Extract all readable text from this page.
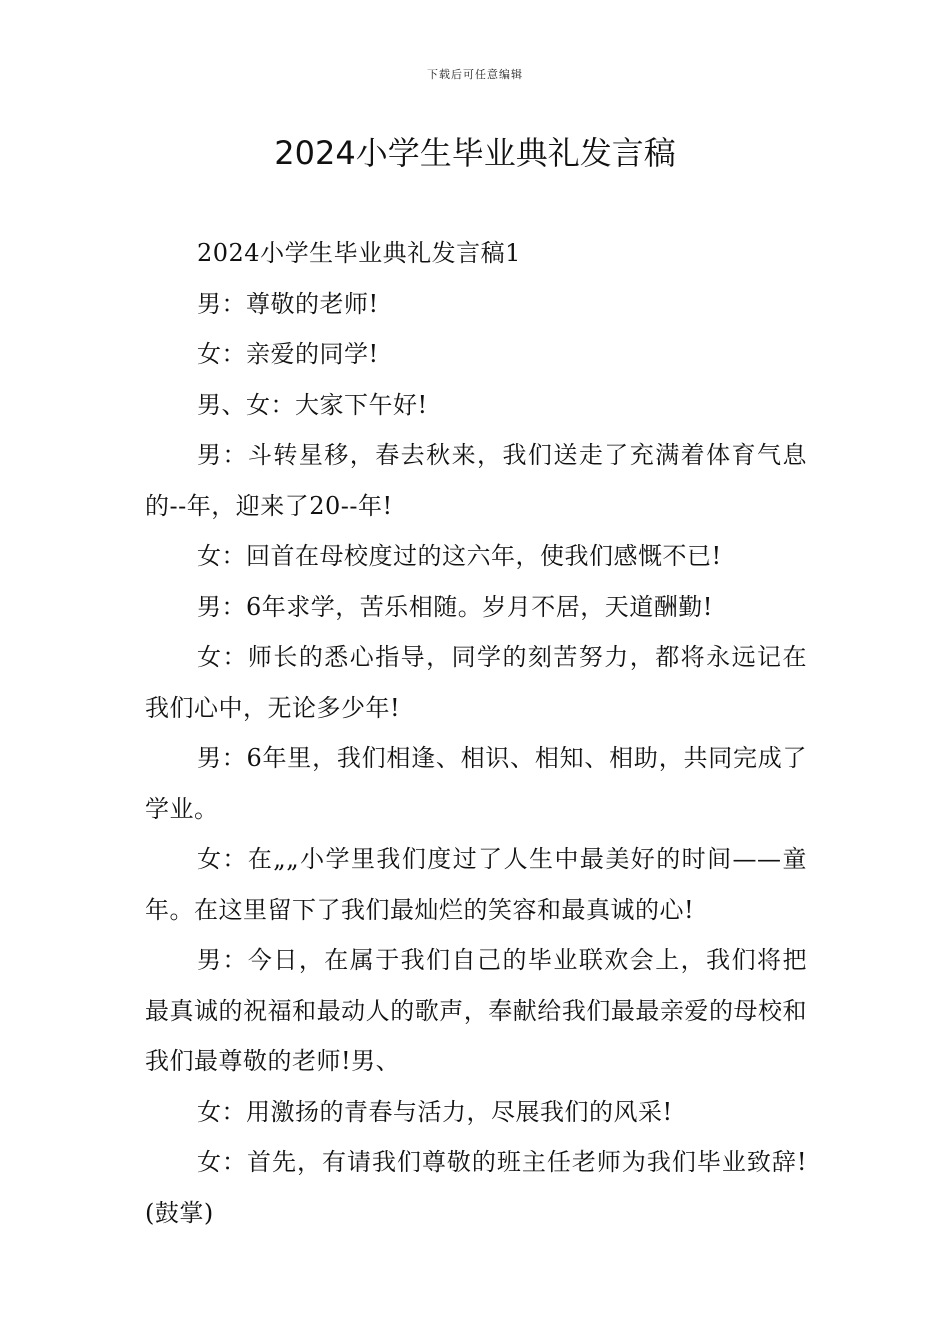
下载后可任意编辑
2024小学生毕业典礼发言稿

2024小学生毕业典礼发言稿1

男：尊敬的老师!

女：亲爱的同学!

男、女：大家下午好!

男：斗转星移，春去秋来，我们送走了充满着体育气息的--年，迎来了20--年!

女：回首在母校度过的这六年，使我们感慨不已!

男：6年求学，苦乐相随。岁月不居，天道酬勤!

女：师长的悉心指导，同学的刻苦努力，都将永远记在我们心中，无论多少年!

男：6年里，我们相逢、相识、相知、相助，共同完成了学业。

女：在„„小学里我们度过了人生中最美好的时间——童年。在这里留下了我们最灿烂的笑容和最真诚的心!

男：今日，在属于我们自己的毕业联欢会上，我们将把最真诚的祝福和最动人的歌声，奉献给我们最最亲爱的母校和我们最尊敬的老师!男、

女：用激扬的青春与活力，尽展我们的风采!

女：首先，有请我们尊敬的班主任老师为我们毕业致辞!(鼓掌)
